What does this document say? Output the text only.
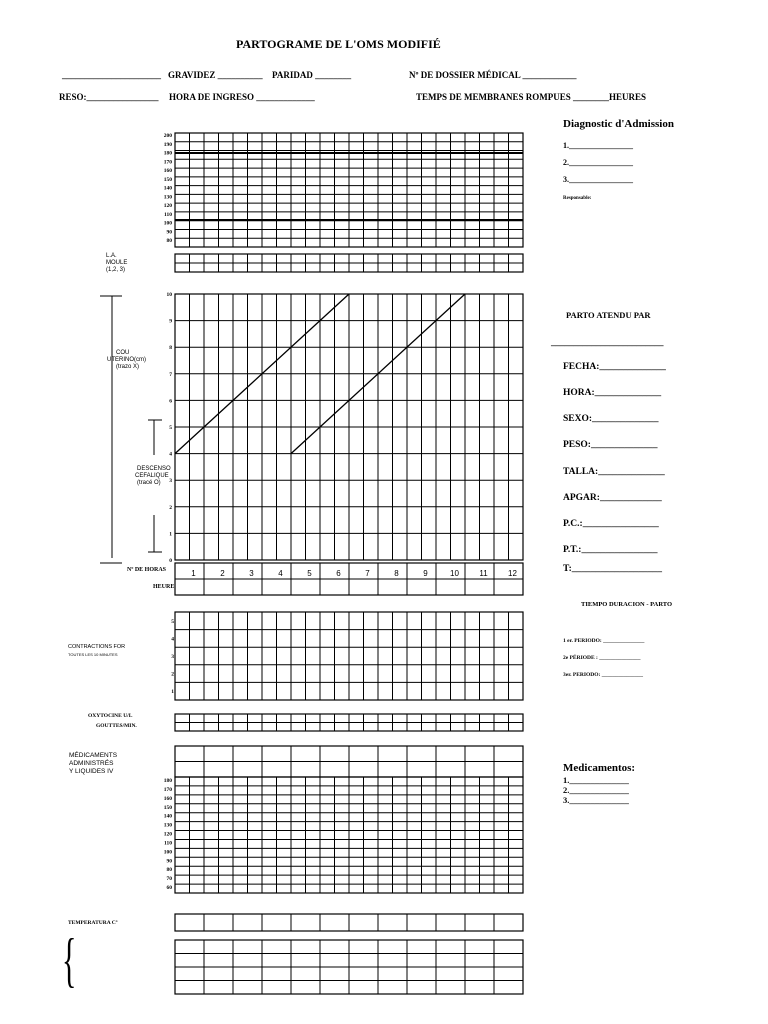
200
190
180
170
160
150
140
130
120
110
100
90
80
10
9
8
7
6
5
4
3
2
1
0
1	2	3	4	5	6	7	8	9	10	11	12
5
4
3
2
1
180
170
160
150
140
130
120
110
100
90
80
70
60
PARTOGRAME DE L'OMS MODIFIÉ
______________________ GRAVIDEZ __________ PARIDAD ________	Nº DE DOSSIER MÉDICAL ____________
RESO:________________ HORA DE INGRESO _____________	TEMPS DE MEMBRANES ROMPUES ________HEURES
L.A.
MOULE
(1,2, 3)
COU
UTERINO(cm)
(trazo X)
DESCENSO
CEFALIQUE
(tracé O)
Nº DE HORAS
HEURE
CONTRACTIONS FOR
TOUTES LES 10 MINUTES
OXYTOCINE U/L
GOUTTES/MIN.
MÉDICAMENTS
ADMINISTRÉS
Y LIQUIDES IV
TEMPERATURA Cº
{
Diagnostic d'Admission
1.________________
2.________________
3.________________
Responsable:
PARTO ATENDU PAR
_________________________
FECHA:______________
HORA:______________
SEXO:______________
PESO:______________
TALLA:______________
APGAR:_____________
P.C.:________________
P.T.:________________
T:___________________
TIEMPO DURACION - PARTO
1 er. PERIODO: _______________
2e PÉRIODE : _______________
3er. PERIODO: _______________
Medicamentos:
1.______________
2.______________
3.______________
